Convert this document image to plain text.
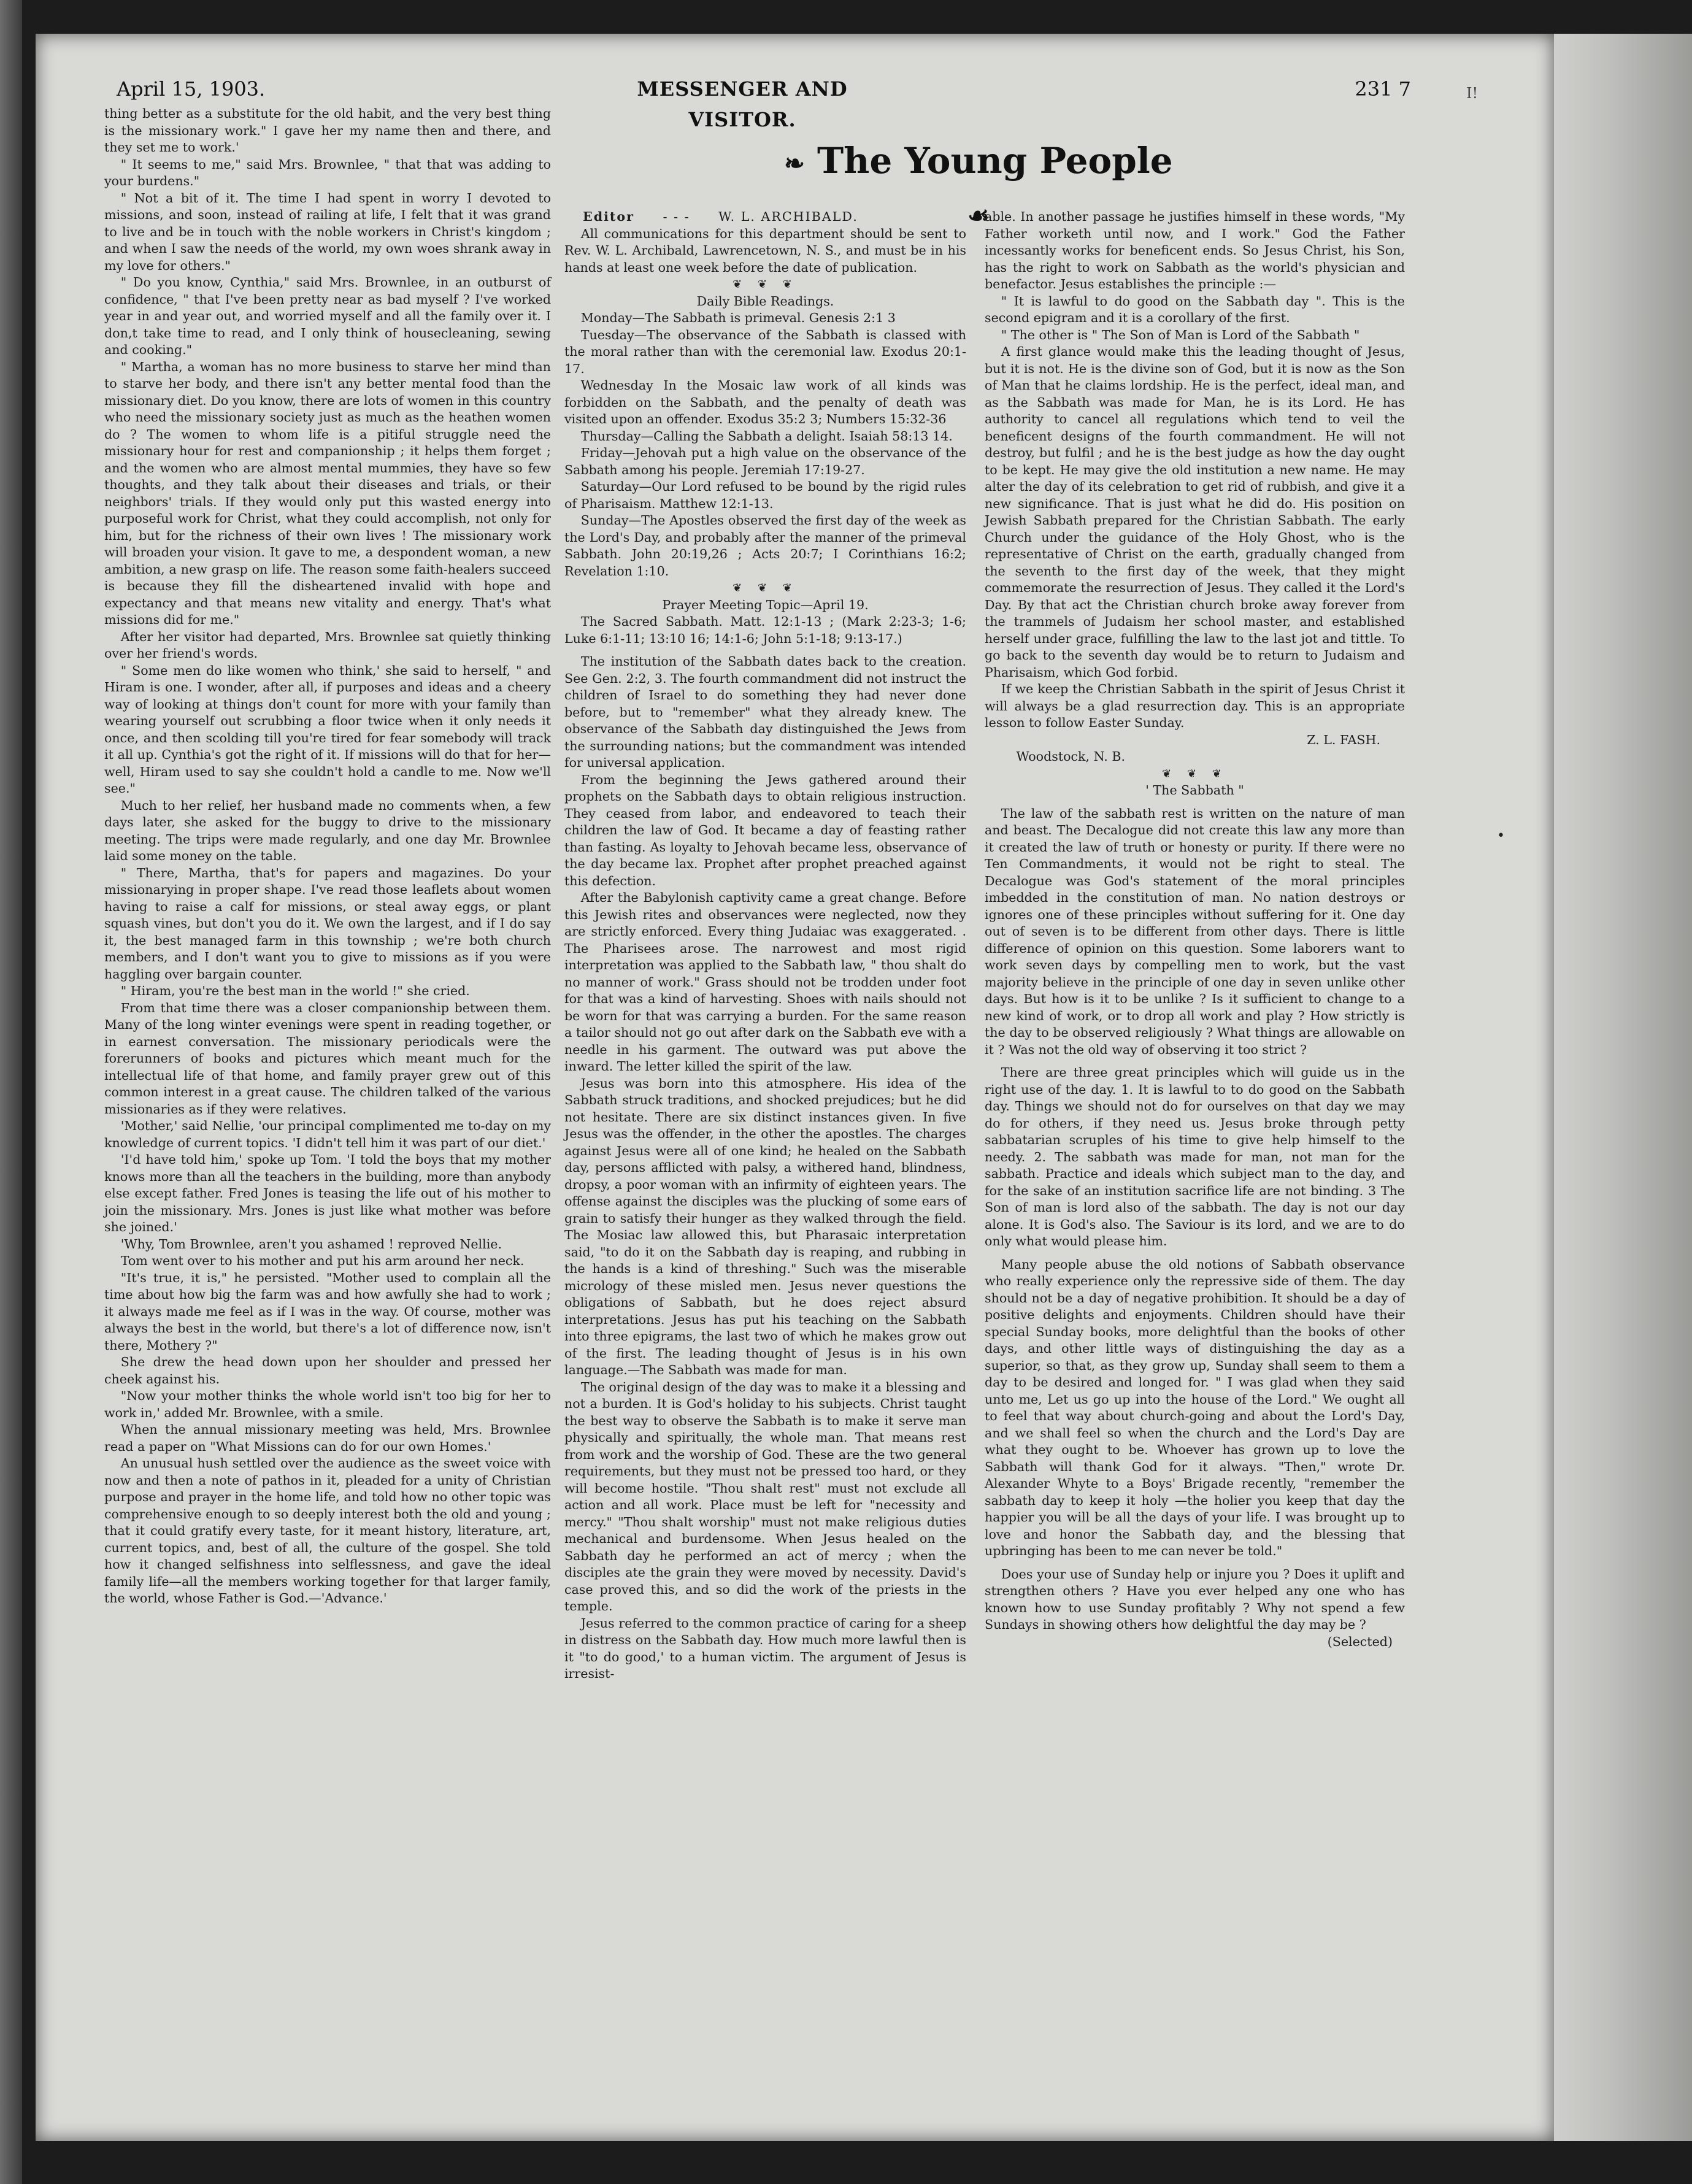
•
I!
April 15, 1903.	MESSENGER AND VISITOR.
231 7
❧ The Young People ☙

thing better as a substitute for the old habit, and the very best thing is the missionary work." I gave her my name then and there, and they set me to work.'

" It seems to me," said Mrs. Brownlee, " that that was adding to your burdens."

" Not a bit of it. The time I had spent in worry I devoted to missions, and soon, instead of railing at life, I felt that it was grand to live and be in touch with the noble workers in Christ's kingdom ; and when I saw the needs of the world, my own woes shrank away in my love for others."

" Do you know, Cynthia," said Mrs. Brownlee, in an outburst of confidence, " that I've been pretty near as bad myself ? I've worked year in and year out, and worried myself and all the family over it. I don,t take time to read, and I only think of housecleaning, sewing and cooking."

" Martha, a woman has no more business to starve her mind than to starve her body, and there isn't any better mental food than the missionary diet. Do you know, there are lots of women in this country who need the missionary society just as much as the heathen women do ? The women to whom life is a pitiful struggle need the missionary hour for rest and companionship ; it helps them forget ; and the women who are almost mental mummies, they have so few thoughts, and they talk about their diseases and trials, or their neighbors' trials. If they would only put this wasted energy into purposeful work for Christ, what they could accomplish, not only for him, but for the richness of their own lives ! The missionary work will broaden your vision. It gave to me, a despondent woman, a new ambition, a new grasp on life. The reason some faith-healers succeed is because they fill the disheartened invalid with hope and expectancy and that means new vitality and energy. That's what missions did for me."

After her visitor had departed, Mrs. Brownlee sat quietly thinking over her friend's words.

" Some men do like women who think,' she said to herself, " and Hiram is one. I wonder, after all, if purposes and ideas and a cheery way of looking at things don't count for more with your family than wearing yourself out scrubbing a floor twice when it only needs it once, and then scolding till you're tired for fear somebody will track it all up. Cynthia's got the right of it. If missions will do that for her—well, Hiram used to say she couldn't hold a candle to me. Now we'll see."

Much to her relief, her husband made no comments when, a few days later, she asked for the buggy to drive to the missionary meeting. The trips were made regularly, and one day Mr. Brownlee laid some money on the table.

" There, Martha, that's for papers and magazines. Do your missionarying in proper shape. I've read those leaflets about women having to raise a calf for missions, or steal away eggs, or plant squash vines, but don't you do it. We own the largest, and if I do say it, the best managed farm in this township ; we're both church members, and I don't want you to give to missions as if you were haggling over bargain counter.

" Hiram, you're the best man in the world !" she cried.

From that time there was a closer companionship between them. Many of the long winter evenings were spent in reading together, or in earnest conversation. The missionary periodicals were the forerunners of books and pictures which meant much for the intellectual life of that home, and family prayer grew out of this common interest in a great cause. The children talked of the various missionaries as if they were relatives.

'Mother,' said Nellie, 'our principal complimented me to-day on my knowledge of current topics. 'I didn't tell him it was part of our diet.'

'I'd have told him,' spoke up Tom. 'I told the boys that my mother knows more than all the teachers in the building, more than anybody else except father. Fred Jones is teasing the life out of his mother to join the missionary. Mrs. Jones is just like what mother was before she joined.'

'Why, Tom Brownlee, aren't you ashamed ! reproved Nellie.

Tom went over to his mother and put his arm around her neck.

"It's true, it is," he persisted. "Mother used to complain all the time about how big the farm was and how awfully she had to work ; it always made me feel as if I was in the way. Of course, mother was always the best in the world, but there's a lot of difference now, isn't there, Mothery ?"

She drew the head down upon her shoulder and pressed her cheek against his.

"Now your mother thinks the whole world isn't too big for her to work in,' added Mr. Brownlee, with a smile.

When the annual missionary meeting was held, Mrs. Brownlee read a paper on "What Missions can do for our own Homes.'

An unusual hush settled over the audience as the sweet voice with now and then a note of pathos in it, pleaded for a unity of Christian purpose and prayer in the home life, and told how no other topic was comprehensive enough to so deeply interest both the old and young ; that it could gratify every taste, for it meant history, literature, art, current topics, and, best of all, the culture of the gospel. She told how it changed selfishness into selflessness, and gave the ideal family life—all the members working together for that larger family, the world, whose Father is God.—'Advance.'

Editor - - - W. L. ARCHIBALD.

All communications for this department should be sent to Rev. W. L. Archibald, Lawrencetown, N. S., and must be in his hands at least one week before the date of publication.

❦ ❦ ❦

Daily Bible Readings.

Monday—The Sabbath is primeval. Genesis 2:1 3

Tuesday—The observance of the Sabbath is classed with the moral rather than with the ceremonial law. Exodus 20:1-17.

Wednesday In the Mosaic law work of all kinds was forbidden on the Sabbath, and the penalty of death was visited upon an offender. Exodus 35:2 3; Numbers 15:32-36

Thursday—Calling the Sabbath a delight. Isaiah 58:13 14.

Friday—Jehovah put a high value on the observance of the Sabbath among his people. Jeremiah 17:19-27.

Saturday—Our Lord refused to be bound by the rigid rules of Pharisaism. Matthew 12:1-13.

Sunday—The Apostles observed the first day of the week as the Lord's Day, and probably after the manner of the primeval Sabbath. John 20:19,26 ; Acts 20:7; I Corinthians 16:2; Revelation 1:10.

❦ ❦ ❦

Prayer Meeting Topic—April 19.

The Sacred Sabbath. Matt. 12:1-13 ; (Mark 2:23-3; 1-6; Luke 6:1-11; 13:10 16; 14:1-6; John 5:1-18; 9:13-17.)

The institution of the Sabbath dates back to the creation. See Gen. 2:2, 3. The fourth commandment did not instruct the children of Israel to do something they had never done before, but to "remember" what they already knew. The observance of the Sabbath day distinguished the Jews from the surrounding nations; but the commandment was intended for universal application.

From the beginning the Jews gathered around their prophets on the Sabbath days to obtain religious instruction. They ceased from labor, and endeavored to teach their children the law of God. It became a day of feasting rather than fasting. As loyalty to Jehovah became less, observance of the day became lax. Prophet after prophet preached against this defection.

After the Babylonish captivity came a great change. Before this Jewish rites and observances were neglected, now they are strictly enforced. Every thing Judaiac was exaggerated. . The Pharisees arose. The narrowest and most rigid interpretation was applied to the Sabbath law, " thou shalt do no manner of work." Grass should not be trodden under foot for that was a kind of harvesting. Shoes with nails should not be worn for that was carrying a burden. For the same reason a tailor should not go out after dark on the Sabbath eve with a needle in his garment. The outward was put above the inward. The letter killed the spirit of the law.

Jesus was born into this atmosphere. His idea of the Sabbath struck traditions, and shocked prejudices; but he did not hesitate. There are six distinct instances given. In five Jesus was the offender, in the other the apostles. The charges against Jesus were all of one kind; he healed on the Sabbath day, persons afflicted with palsy, a withered hand, blindness, dropsy, a poor woman with an infirmity of eighteen years. The offense against the disciples was the plucking of some ears of grain to satisfy their hunger as they walked through the field. The Mosiac law allowed this, but Pharasaic interpretation said, "to do it on the Sabbath day is reaping, and rubbing in the hands is a kind of threshing." Such was the miserable micrology of these misled men. Jesus never questions the obligations of Sabbath, but he does reject absurd interpretations. Jesus has put his teaching on the Sabbath into three epigrams, the last two of which he makes grow out of the first. The leading thought of Jesus is in his own language.—The Sabbath was made for man.

The original design of the day was to make it a blessing and not a burden. It is God's holiday to his subjects. Christ taught the best way to observe the Sabbath is to make it serve man physically and spiritually, the whole man. That means rest from work and the worship of God. These are the two general requirements, but they must not be pressed too hard, or they will become hostile. "Thou shalt rest" must not exclude all action and all work. Place must be left for "necessity and mercy." "Thou shalt worship" must not make religious duties mechanical and burdensome. When Jesus healed on the Sabbath day he performed an act of mercy ; when the disciples ate the grain they were moved by necessity. David's case proved this, and so did the work of the priests in the temple.

Jesus referred to the common practice of caring for a sheep in distress on the Sabbath day. How much more lawful then is it "to do good,' to a human victim. The argument of Jesus is irresist-

able. In another passage he justifies himself in these words, "My Father worketh until now, and I work." God the Father incessantly works for beneficent ends. So Jesus Christ, his Son, has the right to work on Sabbath as the world's physician and benefactor. Jesus establishes the principle :—

" It is lawful to do good on the Sabbath day ". This is the second epigram and it is a corollary of the first.

" The other is " The Son of Man is Lord of the Sabbath "

A first glance would make this the leading thought of Jesus, but it is not. He is the divine son of God, but it is now as the Son of Man that he claims lordship. He is the perfect, ideal man, and as the Sabbath was made for Man, he is its Lord. He has authority to cancel all regulations which tend to veil the beneficent designs of the fourth commandment. He will not destroy, but fulfil ; and he is the best judge as how the day ought to be kept. He may give the old institution a new name. He may alter the day of its celebration to get rid of rubbish, and give it a new significance. That is just what he did do. His position on Jewish Sabbath prepared for the Christian Sabbath. The early Church under the guidance of the Holy Ghost, who is the representative of Christ on the earth, gradually changed from the seventh to the first day of the week, that they might commemorate the resurrection of Jesus. They called it the Lord's Day. By that act the Christian church broke away forever from the trammels of Judaism her school master, and established herself under grace, fulfilling the law to the last jot and tittle. To go back to the seventh day would be to return to Judaism and Pharisaism, which God forbid.

If we keep the Christian Sabbath in the spirit of Jesus Christ it will always be a glad resurrection day. This is an appropriate lesson to follow Easter Sunday.

Z. L. FASH.

Woodstock, N. B.

❦ ❦ ❦

' The Sabbath "

The law of the sabbath rest is written on the nature of man and beast. The Decalogue did not create this law any more than it created the law of truth or honesty or purity. If there were no Ten Commandments, it would not be right to steal. The Decalogue was God's statement of the moral principles imbedded in the constitution of man. No nation destroys or ignores one of these principles without suffering for it. One day out of seven is to be different from other days. There is little difference of opinion on this question. Some laborers want to work seven days by compelling men to work, but the vast majority believe in the principle of one day in seven unlike other days. But how is it to be unlike ? Is it sufficient to change to a new kind of work, or to drop all work and play ? How strictly is the day to be observed religiously ? What things are allowable on it ? Was not the old way of observing it too strict ?

There are three great principles which will guide us in the right use of the day. 1. It is lawful to to do good on the Sabbath day. Things we should not do for ourselves on that day we may do for others, if they need us. Jesus broke through petty sabbatarian scruples of his time to give help himself to the needy. 2. The sabbath was made for man, not man for the sabbath. Practice and ideals which subject man to the day, and for the sake of an institution sacrifice life are not binding. 3 The Son of man is lord also of the sabbath. The day is not our day alone. It is God's also. The Saviour is its lord, and we are to do only what would please him.

Many people abuse the old notions of Sabbath observance who really experience only the repressive side of them. The day should not be a day of negative prohibition. It should be a day of positive delights and enjoyments. Children should have their special Sunday books, more delightful than the books of other days, and other little ways of distinguishing the day as a superior, so that, as they grow up, Sunday shall seem to them a day to be desired and longed for. " I was glad when they said unto me, Let us go up into the house of the Lord." We ought all to feel that way about church-going and about the Lord's Day, and we shall feel so when the church and the Lord's Day are what they ought to be. Whoever has grown up to love the Sabbath will thank God for it always. "Then," wrote Dr. Alexander Whyte to a Boys' Brigade recently, "remember the sabbath day to keep it holy —the holier you keep that day the happier you will be all the days of your life. I was brought up to love and honor the Sabbath day, and the blessing that upbringing has been to me can never be told."

Does your use of Sunday help or injure you ? Does it uplift and strengthen others ? Have you ever helped any one who has known how to use Sunday profitably ? Why not spend a few Sundays in showing others how delightful the day may be ?

(Selected)
